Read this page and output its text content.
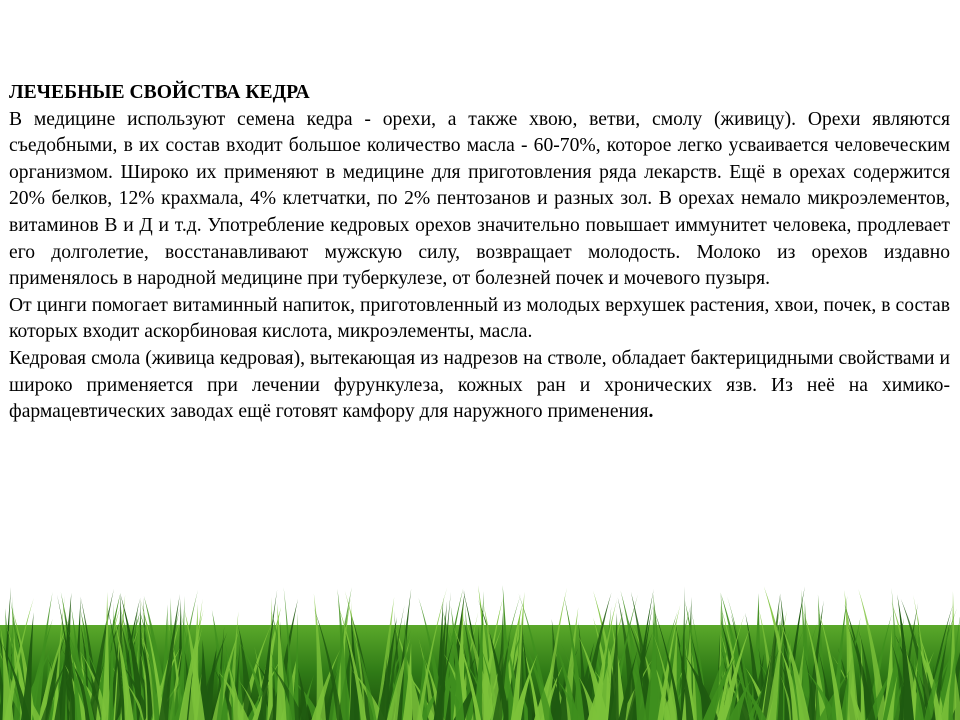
ЛЕЧЕБНЫЕ СВОЙСТВА КЕДРА

В медицине используют семена кедра - орехи, а также хвою, ветви, смолу (живицу). Орехи являются съедобными, в их состав входит большое количество масла - 60-70%, которое легко усваивается человеческим организмом. Широко их применяют в медицине для приготовления ряда лекарств. Ещё в орехах содержится 20% белков, 12% крахмала, 4% клетчатки, по 2% пентозанов и разных зол. В орехах немало микроэлементов, витаминов В и Д и т.д. Употребление кедровых орехов значительно повышает иммунитет человека, продлевает его долголетие, восстанавливают мужскую силу, возвращает молодость. Молоко из орехов издавно применялось в народной медицине при туберкулезе, от болезней почек и мочевого пузыря.

От цинги помогает витаминный напиток, приготовленный из молодых верхушек растения, хвои, почек, в состав которых входит аскорбиновая кислота, микроэлементы, масла.

Кедровая смола (живица кедровая), вытекающая из надрезов на стволе, обладает бактерицидными свойствами и широко применяется при лечении фурункулеза, кожных ран и хронических язв. Из неё на химико-фармацевтических заводах ещё готовят камфору для наружного применения.
